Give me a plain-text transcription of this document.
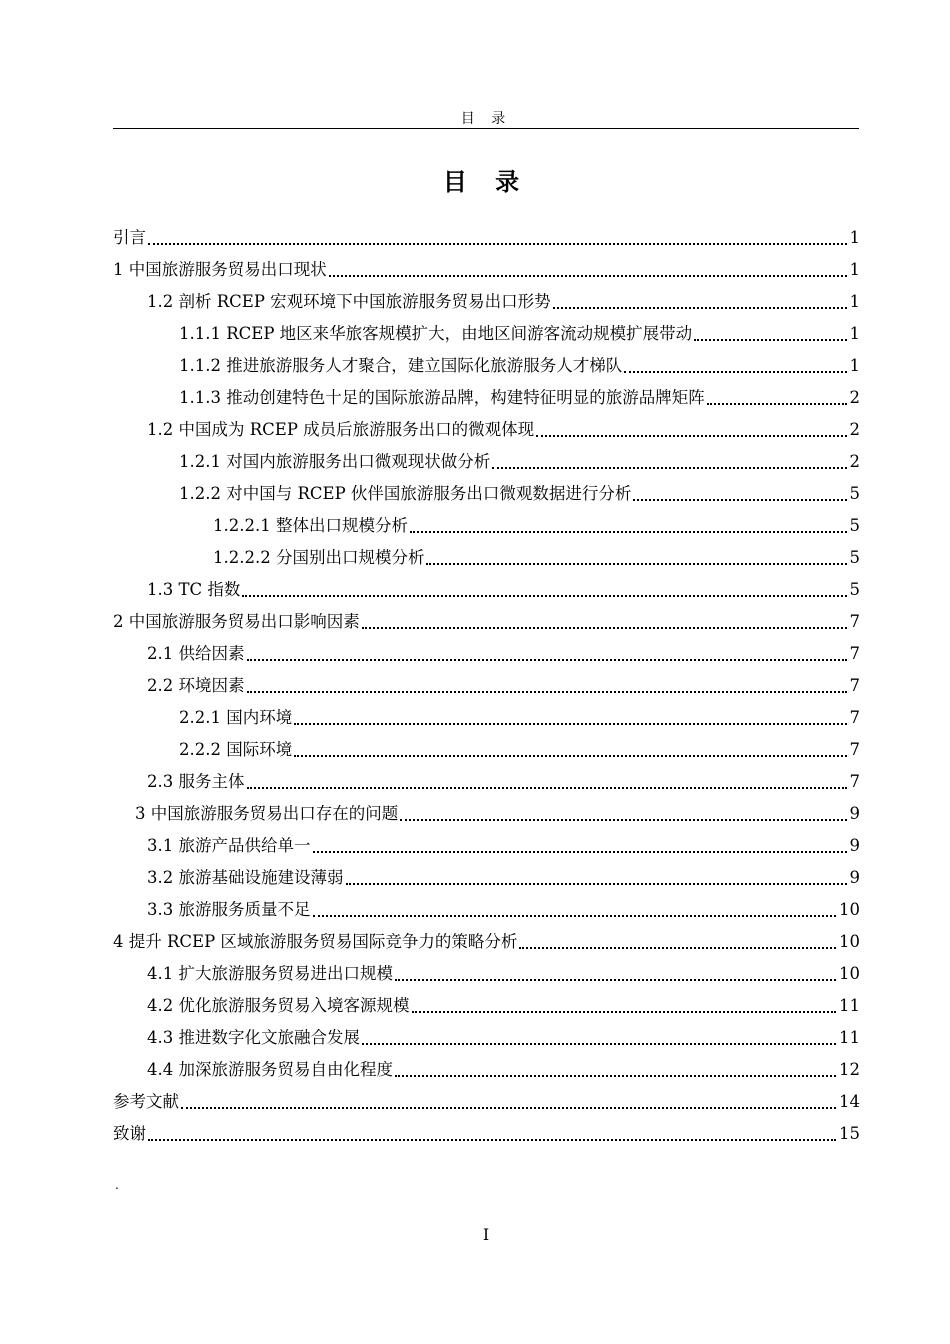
目 录
目 录
引言	1
1 中国旅游服务贸易出口现状	1
1.2 剖析 RCEP 宏观环境下中国旅游服务贸易出口形势	1
1.1.1 RCEP 地区来华旅客规模扩大，由地区间游客流动规模扩展带动	1
1.1.2 推进旅游服务人才聚合，建立国际化旅游服务人才梯队	1
1.1.3 推动创建特色十足的国际旅游品牌，构建特征明显的旅游品牌矩阵	2
1.2 中国成为 RCEP 成员后旅游服务出口的微观体现	2
1.2.1 对国内旅游服务出口微观现状做分析	2
1.2.2 对中国与 RCEP 伙伴国旅游服务出口微观数据进行分析	5
1.2.2.1 整体出口规模分析	5
1.2.2.2 分国别出口规模分析	5
1.3 TC 指数	5
2 中国旅游服务贸易出口影响因素	7
2.1 供给因素	7
2.2 环境因素	7
2.2.1 国内环境	7
2.2.2 国际环境	7
2.3 服务主体	7
3 中国旅游服务贸易出口存在的问题	9
3.1 旅游产品供给单一	9
3.2 旅游基础设施建设薄弱	9
3.3 旅游服务质量不足	10
4 提升 RCEP 区域旅游服务贸易国际竞争力的策略分析	10
4.1 扩大旅游服务贸易进出口规模	10
4.2 优化旅游服务贸易入境客源规模	11
4.3 推进数字化文旅融合发展	11
4.4 加深旅游服务贸易自由化程度	12
参考文献	14
致谢	15
.
I
